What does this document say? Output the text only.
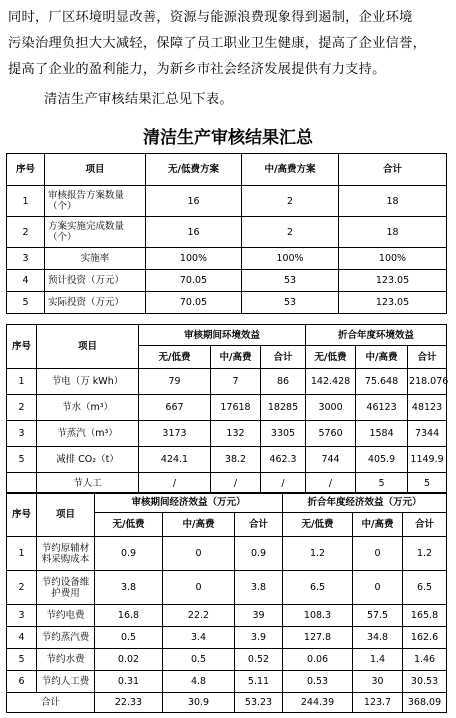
同时，厂区环境明显改善，资源与能源浪费现象得到遏制，企业环境
污染治理负担大大减轻，保障了员工职业卫生健康，提高了企业信誉，
提高了企业的盈利能力，为新乡市社会经济发展提供有力支持。
清洁生产审核结果汇总见下表。
清洁生产审核结果汇总
序号	项目	无/低费方案	中/高费方案	合计
1	审核报告方案数量（个）	16	2	18
2	方案实施完成数量（个）	16	2	18
3	实施率	100%	100%	100%
4	预计投资（万元）	70.05	53	123.05
5	实际投资（万元）	70.05	53	123.05
序号	项目	审核期间环境效益			折合年度环境效益		
		无/低费	中/高费	合计	无/低费	中/高费	合计
1	节电（万 kWh）	79	7	86	142.428	75.648	218.076
2	节水（m³）	667	17618	18285	3000	46123	48123
3	节蒸汽（m³）	3173	132	3305	5760	1584	7344
5	减排 CO₂（t）	424.1	38.2	462.3	744	405.9	1149.9
	节人工	/	/	/	/	5	5
序号	项目	审核期间经济效益（万元）			折合年度经济效益（万元）		
		无/低费	中/高费	合计	无/低费	中/高费	合计
1	节约原辅材料采购成本	0.9	0	0.9	1.2	0	1.2
2	节约设备维护费用	3.8	0	3.8	6.5	0	6.5
3	节约电费	16.8	22.2	39	108.3	57.5	165.8
4	节约蒸汽费	0.5	3.4	3.9	127.8	34.8	162.6
5	节约水费	0.02	0.5	0.52	0.06	1.4	1.46
6	节约人工费	0.31	4.8	5.11	0.53	30	30.53
合计		22.33	30.9	53.23	244.39	123.7	368.09
